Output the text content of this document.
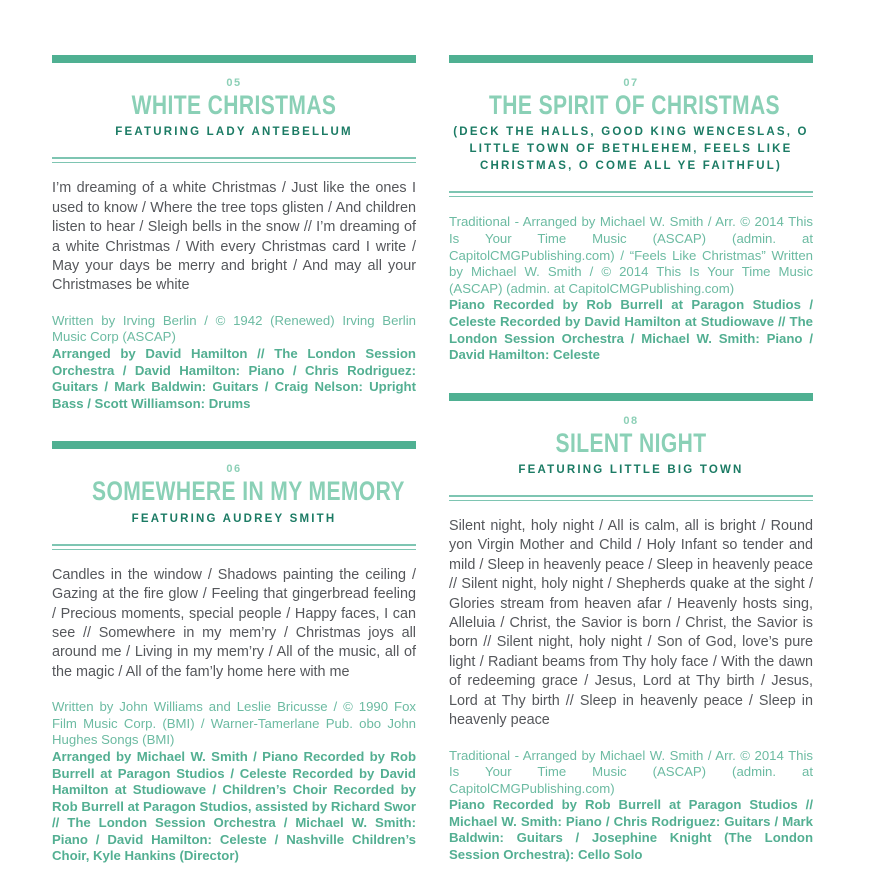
05
WHITE CHRISTMAS
FEATURING LADY ANTEBELLUM

I’m dreaming of a white Christmas / Just like the ones I used to know / Where the tree tops glisten / And children listen to hear / Sleigh bells in the snow // I’m dreaming of a white Christmas / With every Christmas card I write / May your days be merry and bright / And may all your Christmases be white

Written by Irving Berlin / © 1942 (Renewed) Irving Berlin Music Corp (ASCAP)

Arranged by David Hamilton // The London Session Orchestra / David Hamilton: Piano / Chris Rodriguez: Guitars / Mark Baldwin: Guitars / Craig Nelson: Upright Bass / Scott Williamson: Drums

06
SOMEWHERE IN MY MEMORY
FEATURING AUDREY SMITH

Candles in the window / Shadows painting the ceiling / Gazing at the fire glow / Feeling that gingerbread feeling / Precious moments, special people / Happy faces, I can see // Somewhere in my mem’ry / Christmas joys all around me / Living in my mem’ry / All of the music, all of the magic / All of the fam’ly home here with me

Written by John Williams and Leslie Bricusse / © 1990 Fox Film Music Corp. (BMI) / Warner-Tamerlane Pub. obo John Hughes Songs (BMI)

Arranged by Michael W. Smith / Piano Recorded by Rob Burrell at Paragon Studios / Celeste Recorded by David Hamilton at Studiowave / Children’s Choir Recorded by Rob Burrell at Paragon Studios, assisted by Richard Swor // The London Session Orchestra / Michael W. Smith: Piano / David Hamilton: Celeste / Nashville Children’s Choir, Kyle Hankins (Director)

07
THE SPIRIT OF CHRISTMAS
(DECK THE HALLS, GOOD KING WENCESLAS, O LITTLE TOWN OF BETHLEHEM, FEELS LIKE CHRISTMAS, O COME ALL YE FAITHFUL)

Traditional - Arranged by Michael W. Smith / Arr. © 2014 This Is Your Time Music (ASCAP) (admin. at CapitolCMGPublishing.com) / “Feels Like Christmas” Written by Michael W. Smith / © 2014 This Is Your Time Music (ASCAP) (admin. at CapitolCMGPublishing.com)

Piano Recorded by Rob Burrell at Paragon Studios / Celeste Recorded by David Hamilton at Studiowave // The London Session Orchestra / Michael W. Smith: Piano / David Hamilton: Celeste

08
SILENT NIGHT
FEATURING LITTLE BIG TOWN

Silent night, holy night / All is calm, all is bright / Round yon Virgin Mother and Child / Holy Infant so tender and mild / Sleep in heavenly peace / Sleep in heavenly peace // Silent night, holy night / Shepherds quake at the sight / Glories stream from heaven afar / Heavenly hosts sing, Alleluia / Christ, the Savior is born / Christ, the Savior is born // Silent night, holy night / Son of God, love’s pure light / Radiant beams from Thy holy face / With the dawn of redeeming grace / Jesus, Lord at Thy birth / Jesus, Lord at Thy birth // Sleep in heavenly peace / Sleep in heavenly peace

Traditional - Arranged by Michael W. Smith / Arr. © 2014 This Is Your Time Music (ASCAP) (admin. at CapitolCMGPublishing.com)

Piano Recorded by Rob Burrell at Paragon Studios // Michael W. Smith: Piano / Chris Rodriguez: Guitars / Mark Baldwin: Guitars / Josephine Knight (The London Session Orchestra): Cello Solo
